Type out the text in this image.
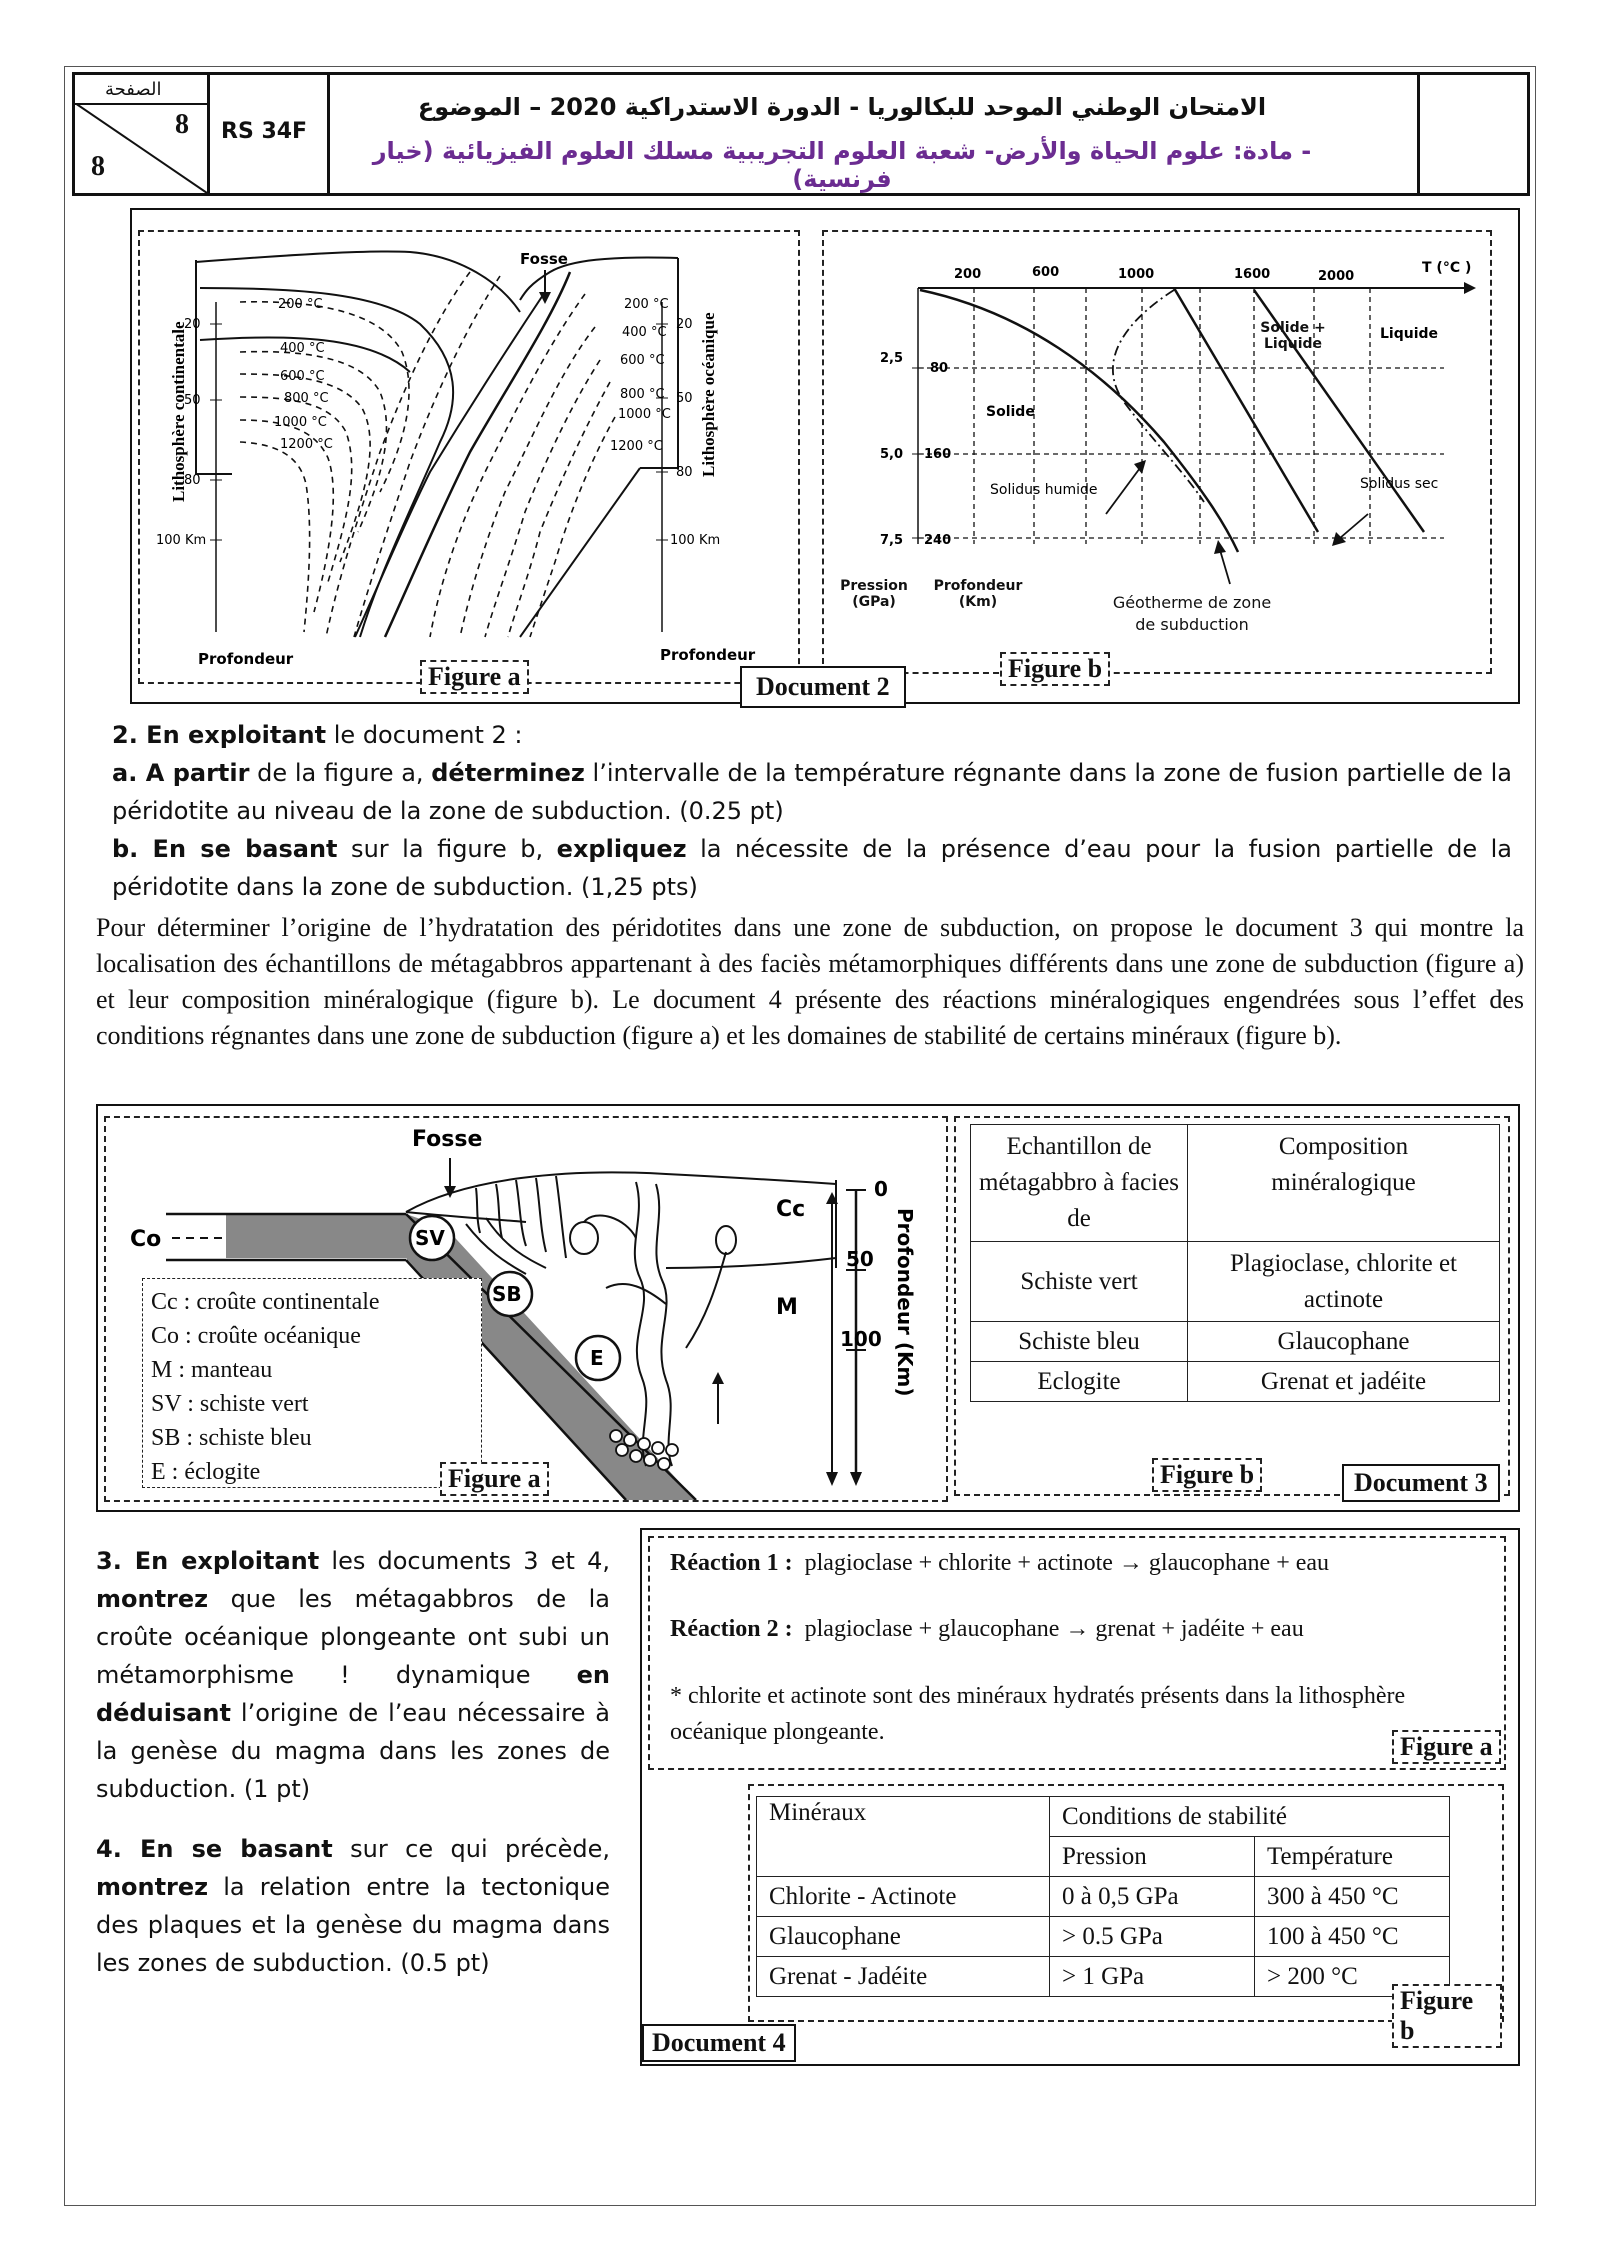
الصفحة
8
8
RS 34F
الامتحان الوطني الموحد للبكالوريا - الدورة الاستدراكية 2020 – الموضوع
- مادة: علوم الحياة والأرض- شعبة العلوم التجريبية مسلك العلوم الفيزيائية (خيار فرنسية)
Lithosphère continentale	Lithosphère océanique
Fosse
20
50
80
100 Km
20
50
80
100 Km
200 °C
400 °C
600 °C
800 °C
1000 °C
1200 °C
200 °C
400 °C
600 °C
800 °C
1000 °C
1200 °C
Profondeur	Profondeur
Figure a
T (°C )
200	600	1000	1600	2000
2,5
5,0
7,5
80
160
240
Solide
Liquide
Solidus humide	Solidus sec
Solide +
Liquide
Pression
(GPa)
Profondeur
(Km)	Géotherme de zone
de subduction
Figure b
Document 2

2. En exploitant le document 2 :

a. A partir de la figure a, déterminez l’intervalle de la température régnante dans la zone de fusion partielle de la péridotite au niveau de la zone de subduction. (0.25 pt)

b. En se basant sur la figure b, expliquez la nécessite de la présence d’eau pour la fusion partielle de la péridotite dans la zone de subduction. (1,25 pts)

Pour déterminer l’origine de l’hydratation des péridotites dans une zone de subduction, on propose le document 3 qui montre la localisation des échantillons de métagabbros appartenant à des faciès métamorphiques différents dans une zone de subduction (figure a) et leur composition minéralogique (figure b). Le document 4 présente des réactions minéralogiques engendrées sous l’effet des conditions régnantes dans une zone de subduction (figure a) et les domaines de stabilité de certains minéraux (figure b).
Fosse
Co
Cc
M
SV
SB
E
0
50
100 Profondeur (Km)
Cc : croûte continentale
Co : croûte océanique
M : manteau
SV : schiste vert
SB : schiste bleu
E : éclogite	Figure a
Echantillon de métagabbro à facies de	Composition minéralogique
Schiste vert	Plagioclase, chlorite et actinote
Schiste bleu	Glaucophane
Eclogite	Grenat et jadéite
Figure b	Document 3
3. En exploitant les documents 3 et 4, montrez que les métagabbros de la croûte océanique plongeante ont subi un métamorphisme ! dynamique en déduisant l’origine de l’eau nécessaire à la genèse du magma dans les zones de subduction. (1 pt)
4. En se basant sur ce qui précède, montrez la relation entre la tectonique des plaques et la genèse du magma dans les zones de subduction. (0.5 pt)
Réaction 1 : plagioclase + chlorite + actinote → glaucophane + eau
Réaction 2 : plagioclase + glaucophane → grenat + jadéite + eau
* chlorite et actinote sont des minéraux hydratés présents dans la lithosphère océanique plongeante.	Figure a
Minéraux	Conditions de stabilité	
	Pression	Température
Chlorite - Actinote	0 à 0,5 GPa	300 à 450 °C
Glaucophane	> 0.5 GPa	100 à 450 °C
Grenat - Jadéite	> 1 GPa	> 200 °C
Figure b
Document 4
